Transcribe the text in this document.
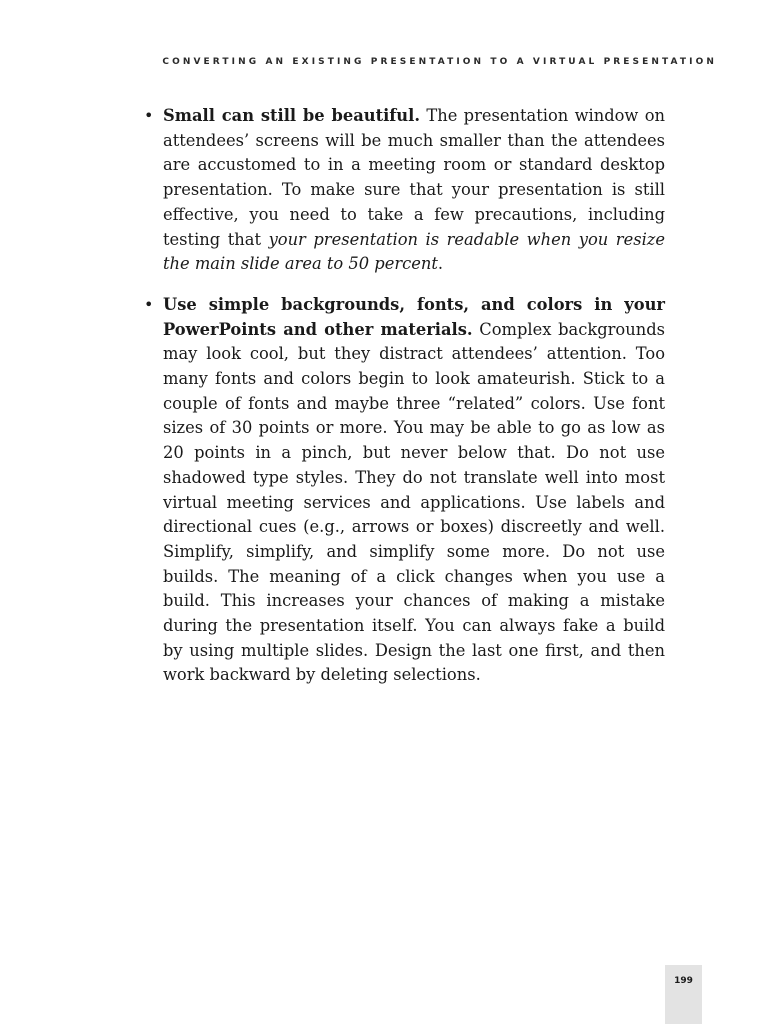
CONVERTING AN EXISTING PRESENTATION TO A VIRTUAL PRESENTATION
• Small can still be beautiful. The presentation window on attendees’ screens will be much smaller than the attendees are accustomed to in a meeting room or standard desktop presentation. To make sure that your presentation is still effective, you need to take a few precautions, including testing that your presentation is readable when you resize the main slide area to 50 percent.
• Use simple backgrounds, fonts, and colors in your PowerPoints and other materials. Complex backgrounds may look cool, but they distract attendees’ attention. Too many fonts and colors begin to look amateurish. Stick to a couple of fonts and maybe three “related” colors. Use font sizes of 30 points or more. You may be able to go as low as 20 points in a pinch, but never below that. Do not use shadowed type styles. They do not translate well into most virtual meeting services and applications. Use labels and directional cues (e.g., arrows or boxes) discreetly and well. Simplify, simplify, and simplify some more. Do not use builds. The meaning of a click changes when you use a build. This increases your chances of making a mistake during the presentation itself. You can always fake a build by using multiple slides. Design the last one first, and then work backward by deleting selections.
199
